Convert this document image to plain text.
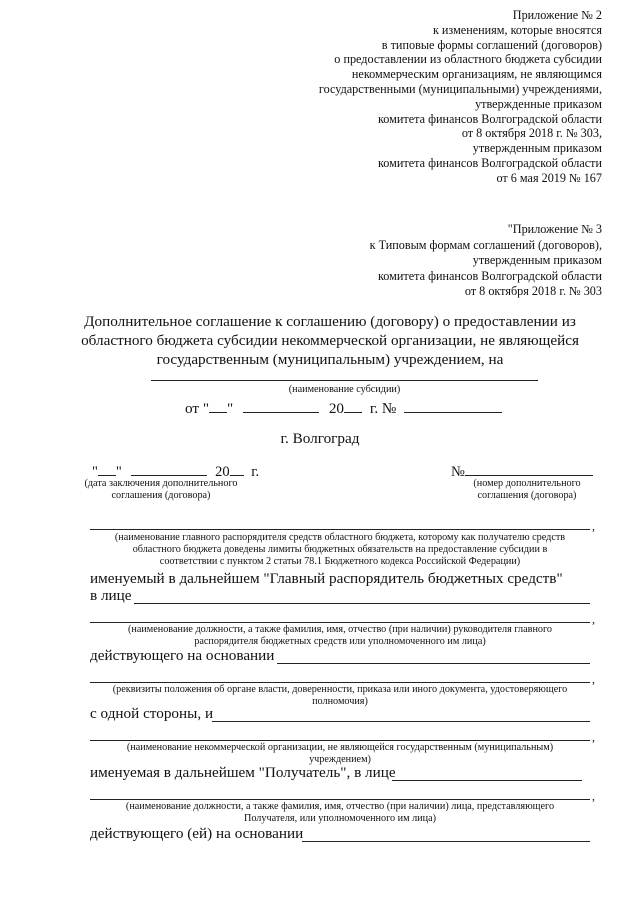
Приложение № 2
к изменениям, которые вносятся
в типовые формы соглашений (договоров)
о предоставлении из областного бюджета субсидии
некоммерческим организациям, не являющимся
государственными (муниципальными) учреждениями,
утвержденные приказом
комитета финансов Волгоградской области
от 8 октября 2018 г. № 303,
утвержденным приказом
комитета финансов Волгоградской области
от 6 мая 2019 № 167
"Приложение № 3
к Типовым формам соглашений (договоров),
утвержденным приказом
комитета финансов Волгоградской области
от 8 октября 2018 г. № 303
Дополнительное соглашение к соглашению (договору) о предоставлении из
областного бюджета субсидии некоммерческой организации, не являющейся
государственным (муниципальным) учреждением, на
(наименование субсидии)
от " "	20 г. №
г. Волгоград
" "	20 г.
(дата заключения дополнительного
соглашения (договора)
№
(номер дополнительного
соглашения (договора)
,
(наименование главного распорядителя средств областного бюджета, которому как получателю средств
областного бюджета доведены лимиты бюджетных обязательств на предоставление субсидии в
соответствии с пунктом 2 статьи 78.1 Бюджетного кодекса Российской Федерации)
именуемый в дальнейшем "Главный распорядитель бюджетных средств"
в лице
,
(наименование должности, а также фамилия, имя, отчество (при наличии) руководителя главного
распорядителя бюджетных средств или уполномоченного им лица)
действующего на основании
,
(реквизиты положения об органе власти, доверенности, приказа или иного документа, удостоверяющего
полномочия)
с одной стороны, и
,
(наименование некоммерческой организации, не являющейся государственным (муниципальным)
учреждением)
именуемая в дальнейшем "Получатель", в лице
,
(наименование должности, а также фамилия, имя, отчество (при наличии) лица, представляющего
Получателя, или уполномоченного им лица)
действующего (ей) на основании
